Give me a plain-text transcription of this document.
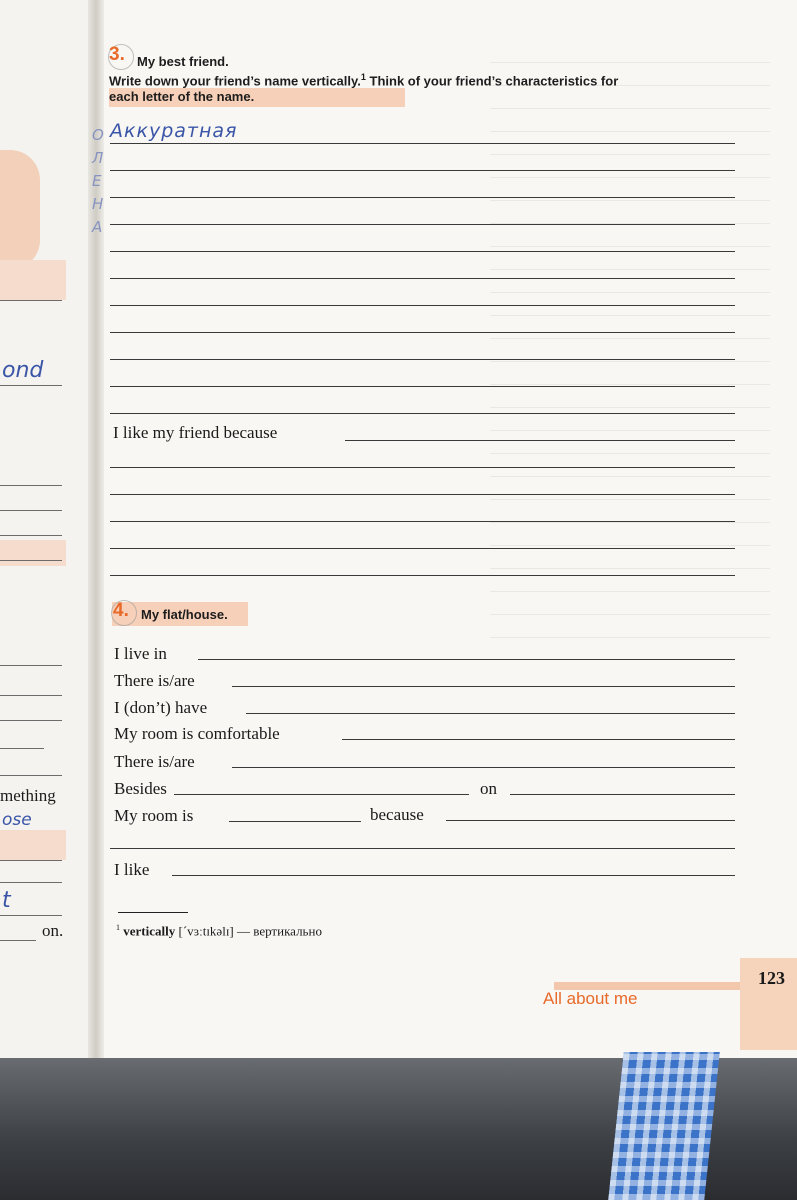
ond
ose
t
mething
on.
3. My best friend.
Write down your friend’s name vertically.$^1$ Think of your friend’s characteristics for
each letter of the name.
О
Л
Е
Н
А
Аккуратная
I like my friend because
4. My flat/house.
I live in
There is/are
I (don’t) have
My room is comfortable
There is/are
Besides	on
My room is	because
I like
$^1$ vertically [ˊvɜːtɪkəlɪ] — вертикально
123
All about me
